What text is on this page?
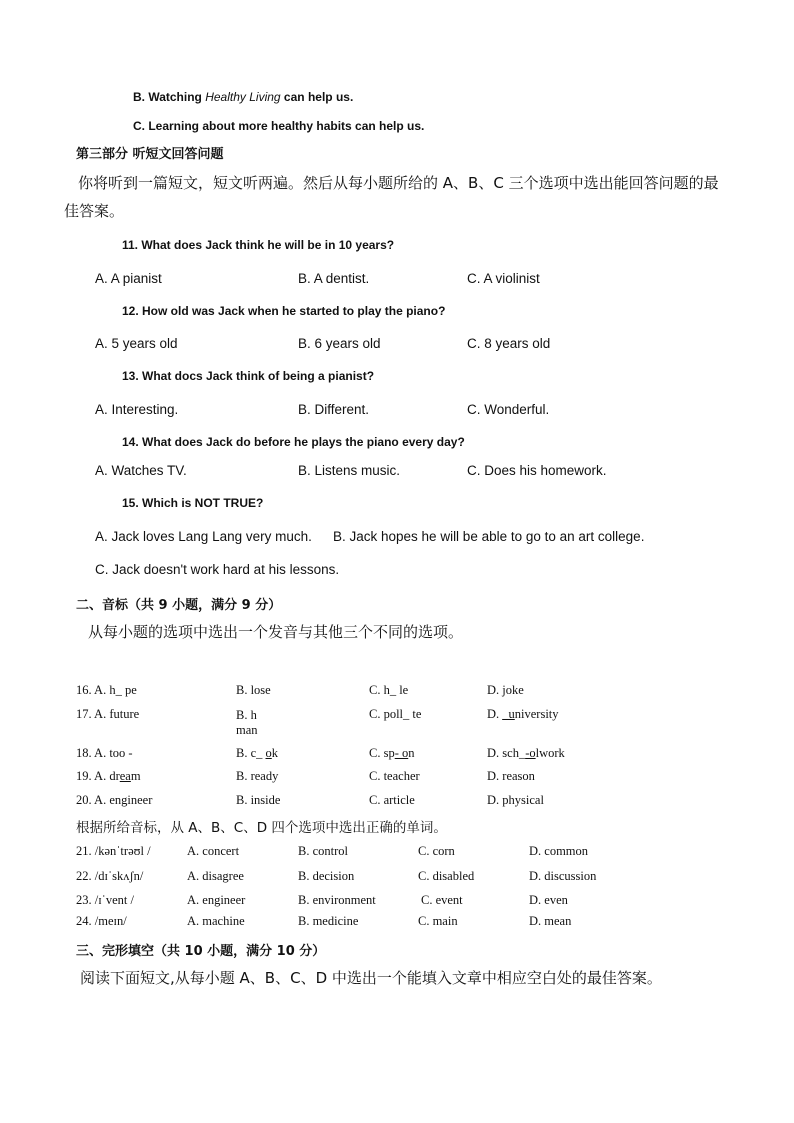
B. Watching Healthy Living can help us.
C. Learning about more healthy habits can help us.
第三部分 听短文回答问题
你将听到一篇短文，短文听两遍。然后从每小题所给的 A、B、C 三个选项中选出能回答问题的最
佳答案。
11. What does Jack think he will be in 10 years?
A. A pianist	B. A dentist.	C. A violinist
12. How old was Jack when he started to play the piano?
A. 5 years old	B. 6 years old	C. 8 years old
13. What docs Jack think of being a pianist?
A. Interesting.	B. Different.	C. Wonderful.
14. What does Jack do before he plays the piano every day?
A. Watches TV.	B. Listens music.	C. Does his homework.
15. Which is NOT TRUE?
A. Jack loves Lang Lang very much. B. Jack hopes he will be able to go to an art college.
C. Jack doesn't work hard at his lessons.
二、音标（共 9 小题，满分 9 分）
从每小题的选项中选出一个发音与其他三个不同的选项。
16. A. h_ pe	B. lose	C. h_ le	D. joke
17. A. future	B. h
man
C. poll_ te	D. _university
18. A. too -	B. c_ ok	C. sp- on	D. sch_-olwork
19. A. dream	B. ready	C. teacher	D. reason
20. A. engineer	B. inside	C. article	D. physical
根据所给音标，从 A、B、C、D 四个选项中选出正确的单词。
21. /kənˈtrəʊl /	A. concert	B. control	C. corn	D. common
22. /dɪˈskʌʃn/	A. disagree	B. decision	C. disabled	D. discussion
23. /ɪˈvent /	A. engineer	B. environment	C. event	D. even
24. /meɪn/	A. machine	B. medicine	C. main	D. mean
三、完形填空（共 10 小题，满分 10 分）
阅读下面短文,从每小题 A、B、C、D 中选出一个能填入文章中相应空白处的最佳答案。
